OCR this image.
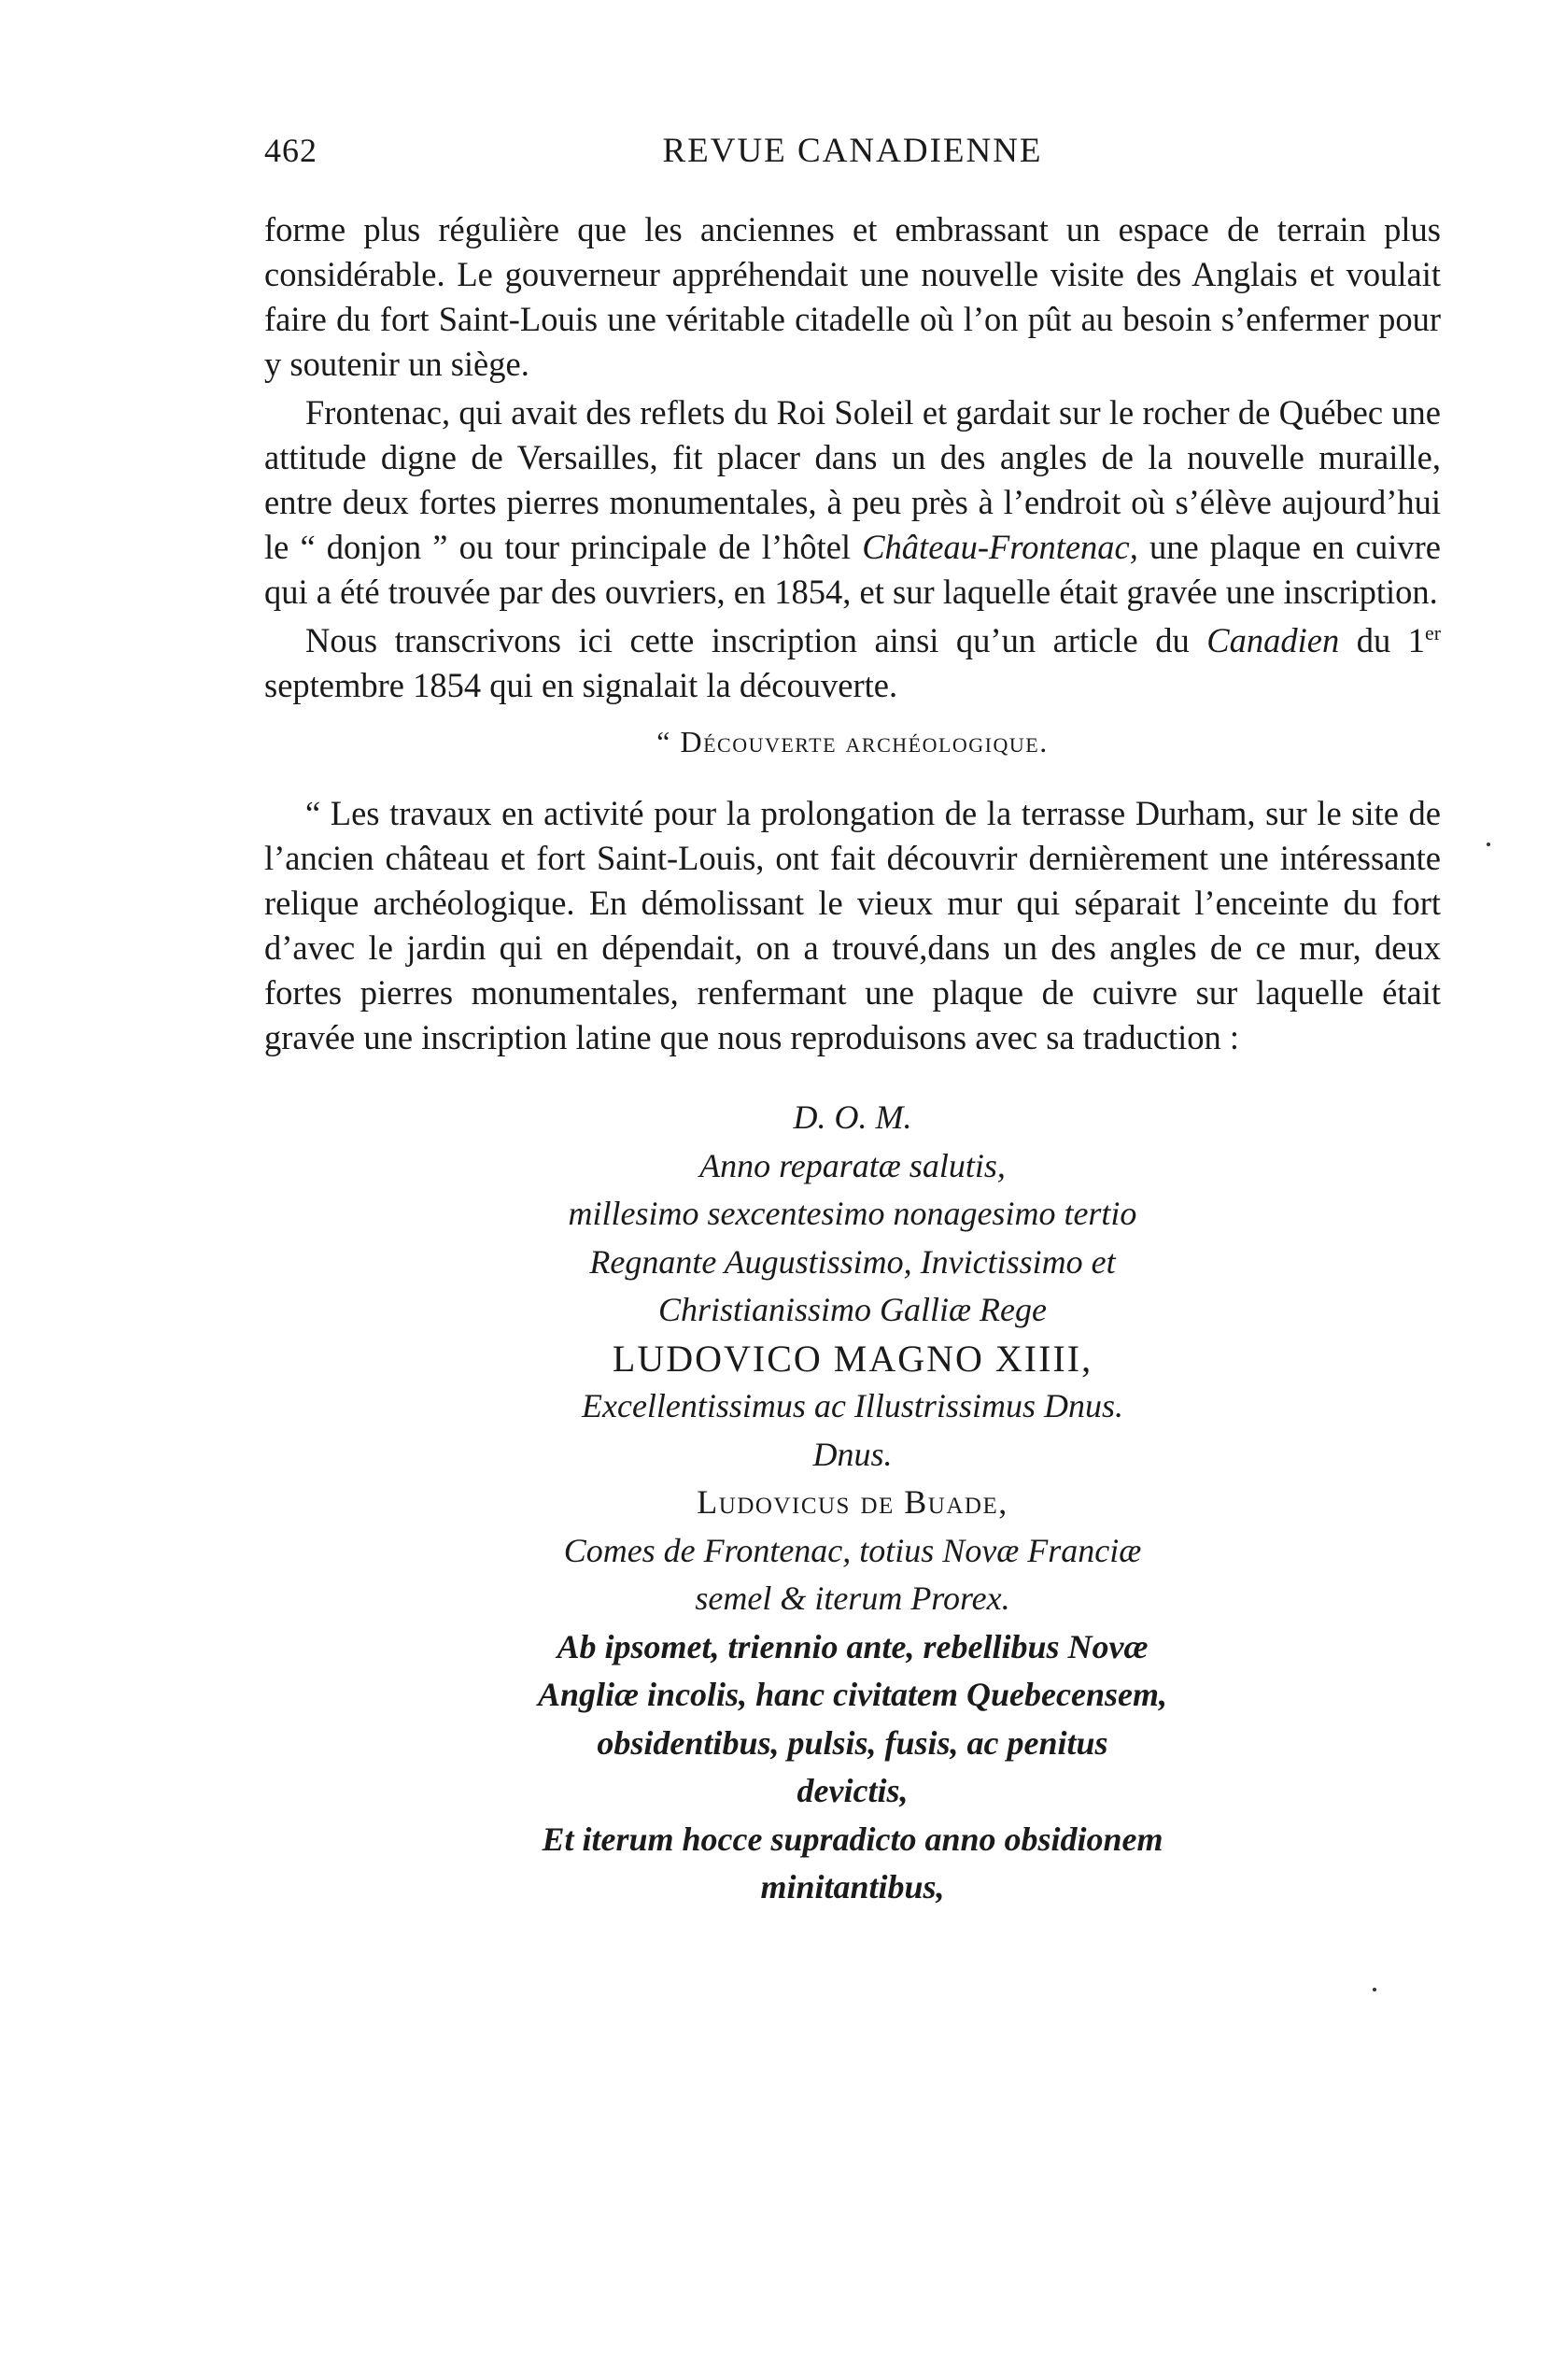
462	REVUE CANADIENNE

forme plus régulière que les anciennes et embrassant un espace de terrain plus considérable. Le gouverneur appréhendait une nouvelle visite des Anglais et voulait faire du fort Saint-Louis une véritable citadelle où l’on pût au besoin s’enfermer pour y soutenir un siège.

Frontenac, qui avait des reflets du Roi Soleil et gardait sur le rocher de Québec une attitude digne de Versailles, fit placer dans un des angles de la nouvelle muraille, entre deux fortes pierres monumentales, à peu près à l’endroit où s’élève aujourd’hui le “ donjon ” ou tour principale de l’hôtel Château-Frontenac, une plaque en cuivre qui a été trouvée par des ouvriers, en 1854, et sur laquelle était gravée une inscription.

Nous transcrivons ici cette inscription ainsi qu’un article du Canadien du 1er septembre 1854 qui en signalait la découverte.

“ Découverte archéologique.

“ Les travaux en activité pour la prolongation de la terrasse Durham, sur le site de l’ancien château et fort Saint-Louis, ont fait découvrir dernièrement une intéressante relique archéologique. En démolissant le vieux mur qui séparait l’enceinte du fort d’avec le jardin qui en dépendait, on a trouvé,dans un des angles de ce mur, deux fortes pierres monumentales, renfermant une plaque de cuivre sur laquelle était gravée une inscription latine que nous reproduisons avec sa traduction :

D. O. M.
Anno reparatæ salutis,
millesimo sexcentesimo nonagesimo tertio
Regnante Augustissimo, Invictissimo et
Christianissimo Galliæ Rege
LUDOVICO MAGNO XIIII,
Excellentissimus ac Illustrissimus Dnus.
Dnus.
Ludovicus de Buade,
Comes de Frontenac, totius Novæ Franciæ
semel & iterum Prorex.
Ab ipsomet, triennio ante, rebellibus Novæ
Angliæ incolis, hanc civitatem Quebecensem,
obsidentibus, pulsis, fusis, ac penitus
devictis,
Et iterum hocce supradicto anno obsidionem
minitantibus,
